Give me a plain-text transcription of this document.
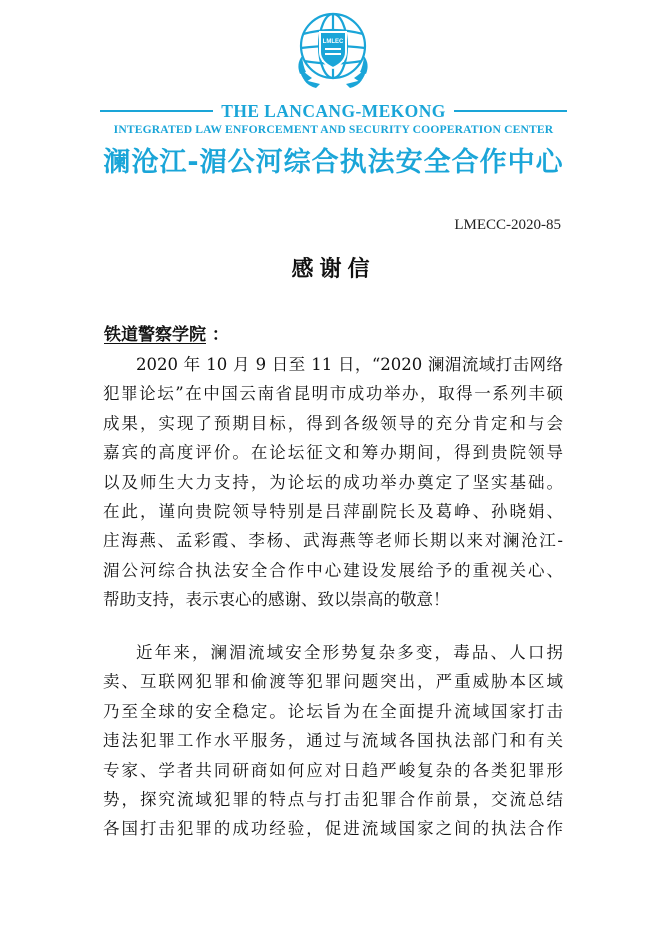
LMLEC
THE LANCANG-MEKONG
INTEGRATED LAW ENFORCEMENT AND SECURITY COOPERATION CENTER
澜沧江-湄公河综合执法安全合作中心
LMECC-2020-85
感谢信
铁道警察学院 ：
2020 年 10 月 9 日至 11 日，“2020 澜湄流域打击网络
犯罪论坛”在中国云南省昆明市成功举办，取得一系列丰硕
成果，实现了预期目标，得到各级领导的充分肯定和与会
嘉宾的高度评价。在论坛征文和筹办期间，得到贵院领导
以及师生大力支持，为论坛的成功举办奠定了坚实基础。
在此，谨向贵院领导特别是吕萍副院长及葛峥、孙晓娟、
庄海燕、孟彩霞、李杨、武海燕等老师长期以来对澜沧江-
湄公河综合执法安全合作中心建设发展给予的重视关心、
帮助支持，表示衷心的感谢、致以崇高的敬意！
近年来，澜湄流域安全形势复杂多变，毒品、人口拐
卖、互联网犯罪和偷渡等犯罪问题突出，严重威胁本区域
乃至全球的安全稳定。论坛旨为在全面提升流域国家打击
违法犯罪工作水平服务，通过与流域各国执法部门和有关
专家、学者共同研商如何应对日趋严峻复杂的各类犯罪形
势，探究流域犯罪的特点与打击犯罪合作前景，交流总结
各国打击犯罪的成功经验，促进流域国家之间的执法合作
